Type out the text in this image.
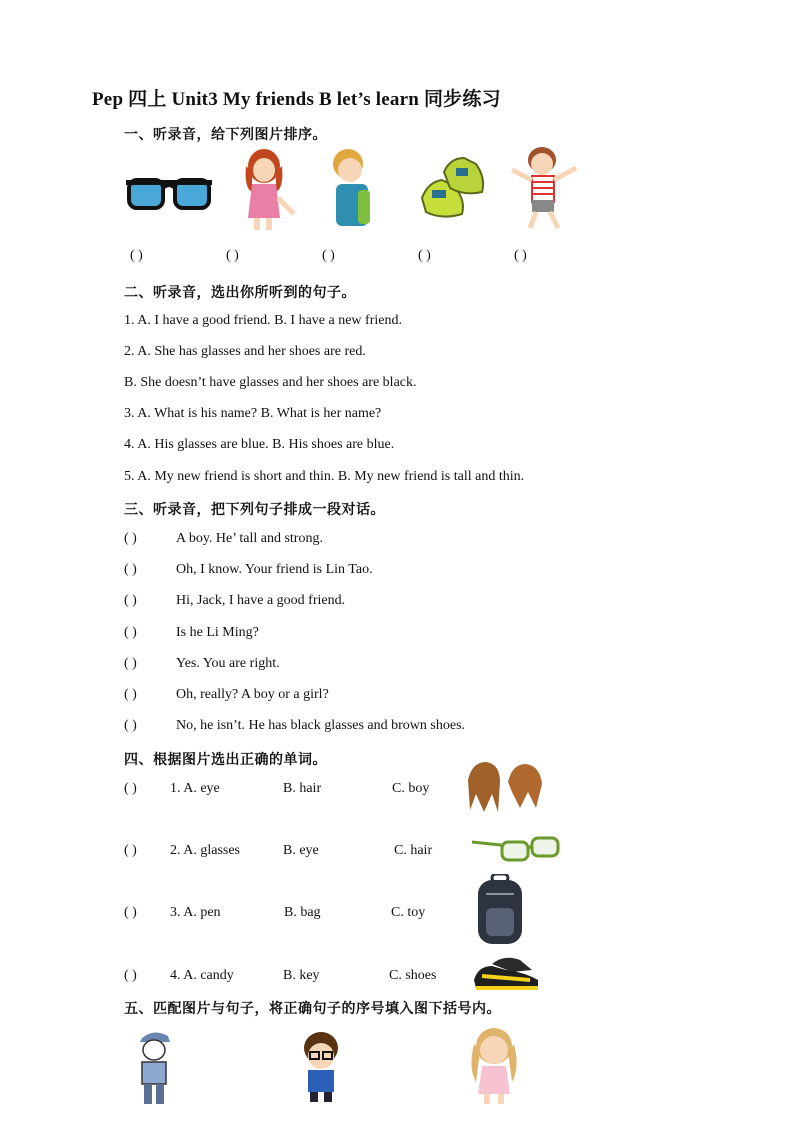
Pep 四上 Unit3 My friends B let’s learn 同步练习
一、听录音，给下列图片排序。
( )	( )	( )	( )	( )
二、听录音，选出你所听到的句子。
1. A. I have a good friend. B. I have a new friend.
2. A. She has glasses and her shoes are red.
B. She doesn’t have glasses and her shoes are black.
3. A. What is his name? B. What is her name?
4. A. His glasses are blue. B. His shoes are blue.
5. A. My new friend is short and thin. B. My new friend is tall and thin.
三、听录音，把下列句子排成一段对话。
( )	A boy. He’ tall and strong.
( )	Oh, I know. Your friend is Lin Tao.
( )	Hi, Jack, I have a good friend.
( )	Is he Li Ming?
( )	Yes. You are right.
( )	Oh, really? A boy or a girl?
( )	No, he isn’t. He has black glasses and brown shoes.
四、根据图片选出正确的单词。
( ) 1. A. eye	B. hair	C. boy
( ) 2. A. glasses	B. eye	C. hair
( ) 3. A. pen	B. bag	C. toy
( ) 4. A. candy	B. key	C. shoes
五、匹配图片与句子，将正确句子的序号填入图下括号内。
